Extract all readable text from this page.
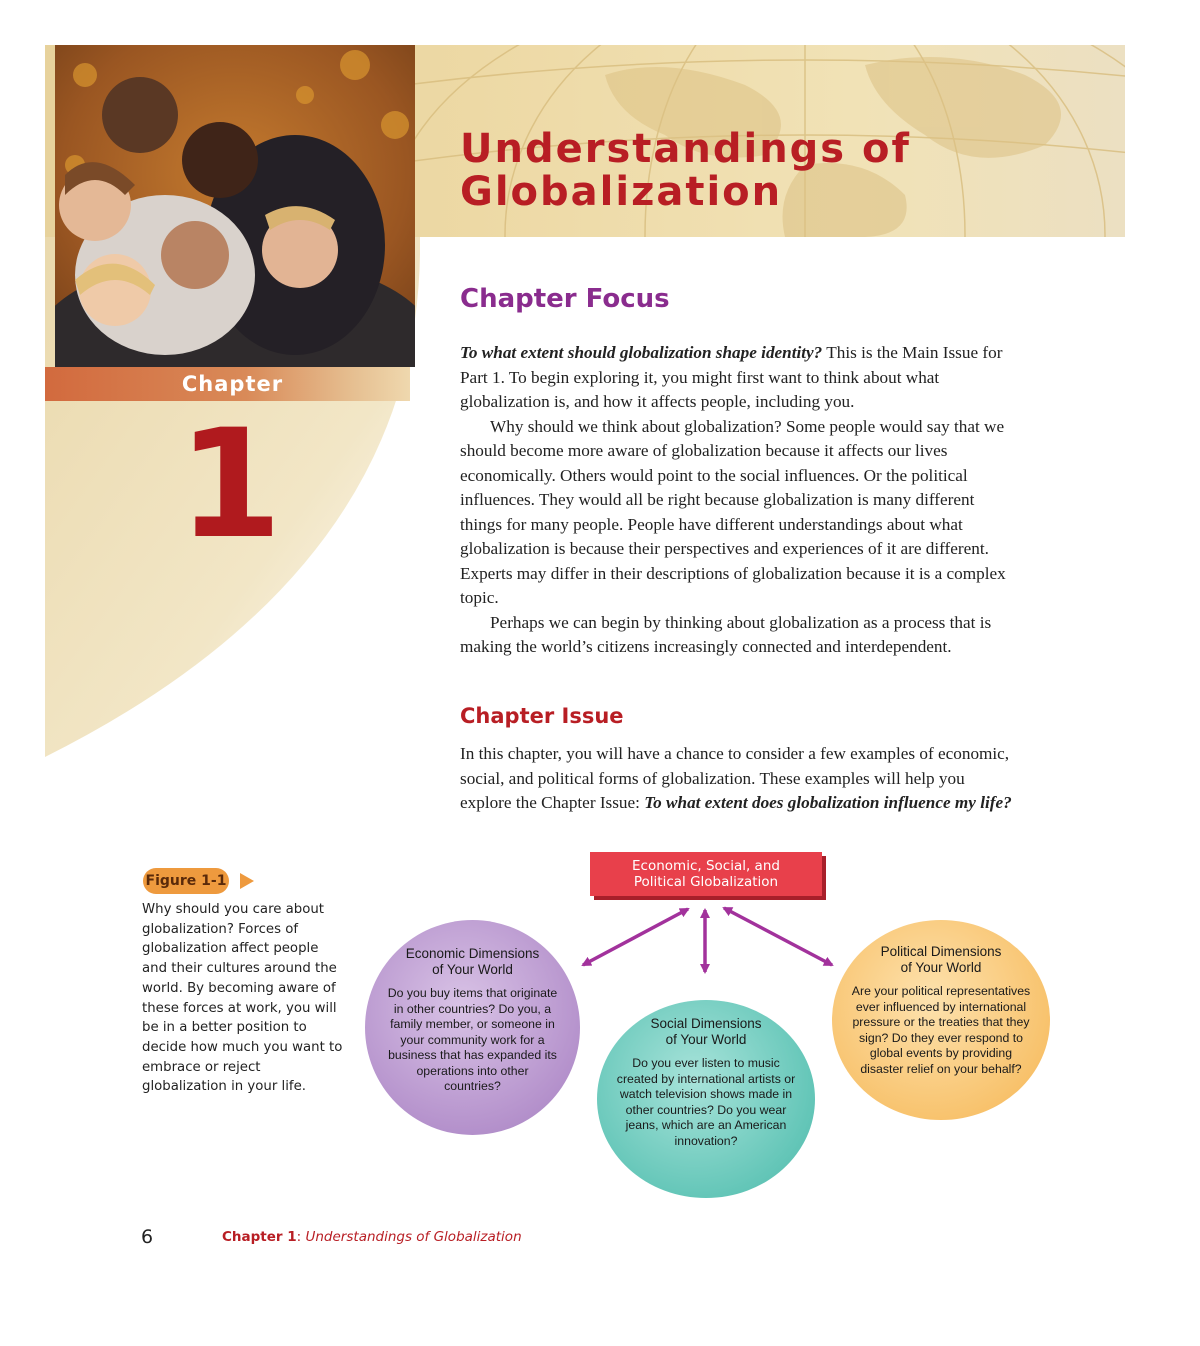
Chapter
1
Understandings of
Globalization
Chapter Focus

To what extent should globalization shape identity? This is the Main Issue for Part 1. To begin exploring it, you might first want to think about what globalization is, and how it affects people, including you.

Why should we think about globalization? Some people would say that we should become more aware of globalization because it affects our lives economically. Others would point to the social influences. Or the political influences. They would all be right because globalization is many different things for many people. People have different understandings about what globalization is because their perspectives and experiences of it are different. Experts may differ in their descriptions of globalization because it is a complex topic.

Perhaps we can begin by thinking about globalization as a process that is making the world’s citizens increasingly connected and interdependent.

Chapter Issue

In this chapter, you will have a chance to consider a few examples of economic, social, and political forms of globalization. These examples will help you explore the Chapter Issue: To what extent does globalization influence my life?

Figure 1-1
Why should you care about globalization? Forces of globalization affect people and their cultures around the world. By becoming aware of these forces at work, you will be in a better position to decide how much you want to embrace or reject globalization in your life.
Economic, Social, and
Political Globalization
Economic Dimensions
of Your World
Do you buy items that originate in other countries? Do you, a family member, or someone in your community work for a business that has expanded its operations into other countries?
Social Dimensions
of Your World
Do you ever listen to music created by international artists or watch television shows made in other countries? Do you wear jeans, which are an American innovation?
Political Dimensions
of Your World
Are your political representatives ever influenced by international pressure or the treaties that they sign? Do they ever respond to global events by providing disaster relief on your behalf?
6	Chapter 1: Understandings of Globalization
